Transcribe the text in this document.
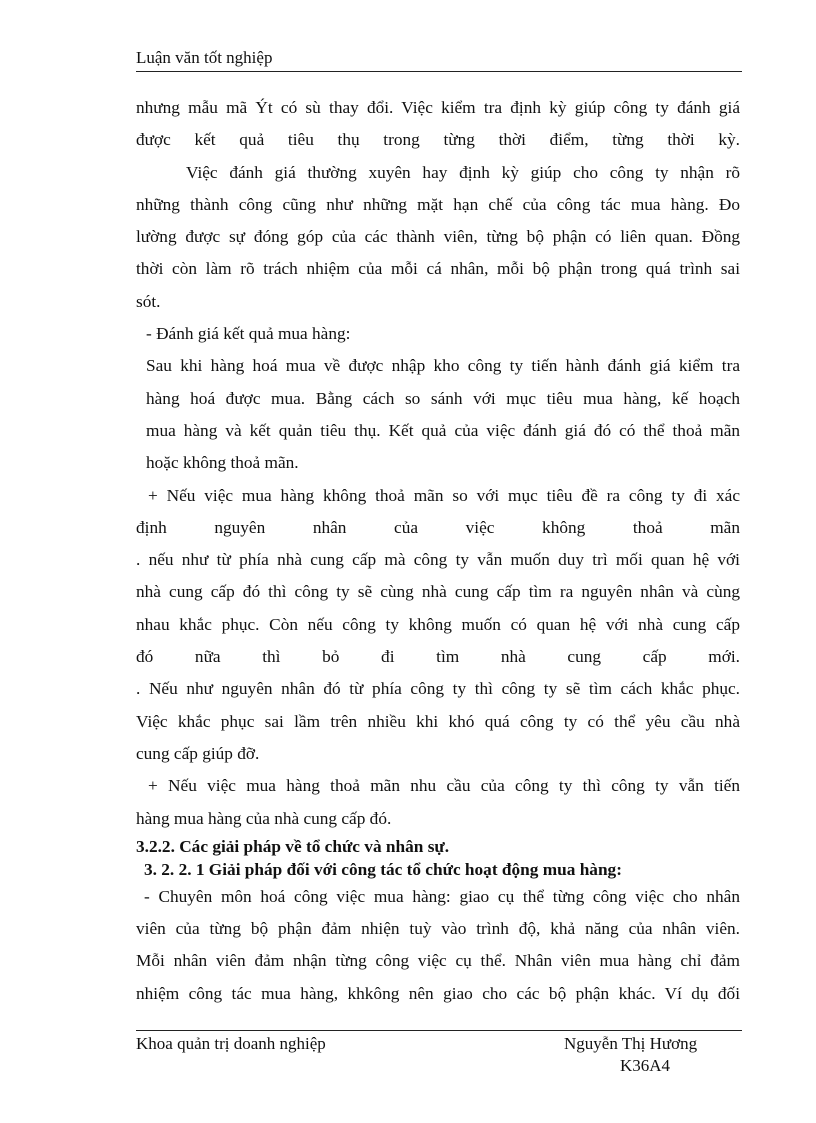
Luận văn tốt nghiệp
nhưng mẫu mã Ýt có sù thay đổi. Việc kiểm tra định kỳ giúp công ty đánh giá
được kết quả tiêu thụ trong từng thời điểm, từng thời kỳ.
Việc đánh giá thường xuyên hay định kỳ giúp cho công ty nhận rõ
những thành công cũng như những mặt hạn chế của công tác mua hàng. Đo
lường được sự đóng góp của các thành viên, từng bộ phận có liên quan. Đồng
thời còn làm rõ trách nhiệm của mỗi cá nhân, mỗi bộ phận trong quá trình sai
sót.
- Đánh giá kết quả mua hàng:
Sau khi hàng hoá mua về được nhập kho công ty tiến hành đánh giá kiểm tra
hàng hoá được mua. Bằng cách so sánh với mục tiêu mua hàng, kế hoạch
mua hàng và kết quản tiêu thụ. Kết quả của việc đánh giá đó có thể thoả mãn
hoặc không thoả mãn.
+ Nếu việc mua hàng không thoả mãn so với mục tiêu đề ra công ty đi xác
định nguyên nhân của việc không thoả mãn
. nếu như từ phía nhà cung cấp mà công ty vẫn muốn duy trì mối quan hệ với
nhà cung cấp đó thì công ty sẽ cùng nhà cung cấp tìm ra nguyên nhân và cùng
nhau khắc phục. Còn nếu công ty không muốn có quan hệ với nhà cung cấp
đó nữa thì bỏ đi tìm nhà cung cấp mới.
. Nếu như nguyên nhân đó từ phía công ty thì công ty sẽ tìm cách khắc phục.
Việc khắc phục sai lầm trên nhiều khi khó quá công ty có thể yêu cầu nhà
cung cấp giúp đỡ.
+ Nếu việc mua hàng thoả mãn nhu cầu của công ty thì công ty vẫn tiến
hàng mua hàng của nhà cung cấp đó.
3.2.2. Các giải pháp về tổ chức và nhân sự.
3. 2. 2. 1 Giải pháp đối với công tác tổ chức hoạt động mua hàng:
- Chuyên môn hoá công việc mua hàng: giao cụ thể từng công việc cho nhân
viên của từng bộ phận đảm nhiện tuỳ vào trình độ, khả năng của nhân viên.
Mỗi nhân viên đảm nhận từng công việc cụ thể. Nhân viên mua hàng chỉ đảm
nhiệm công tác mua hàng, khkông nên giao cho các bộ phận khác. Ví dụ đối
Khoa quản trị doanh nghiệp	Nguyễn Thị Hương
K36A4
